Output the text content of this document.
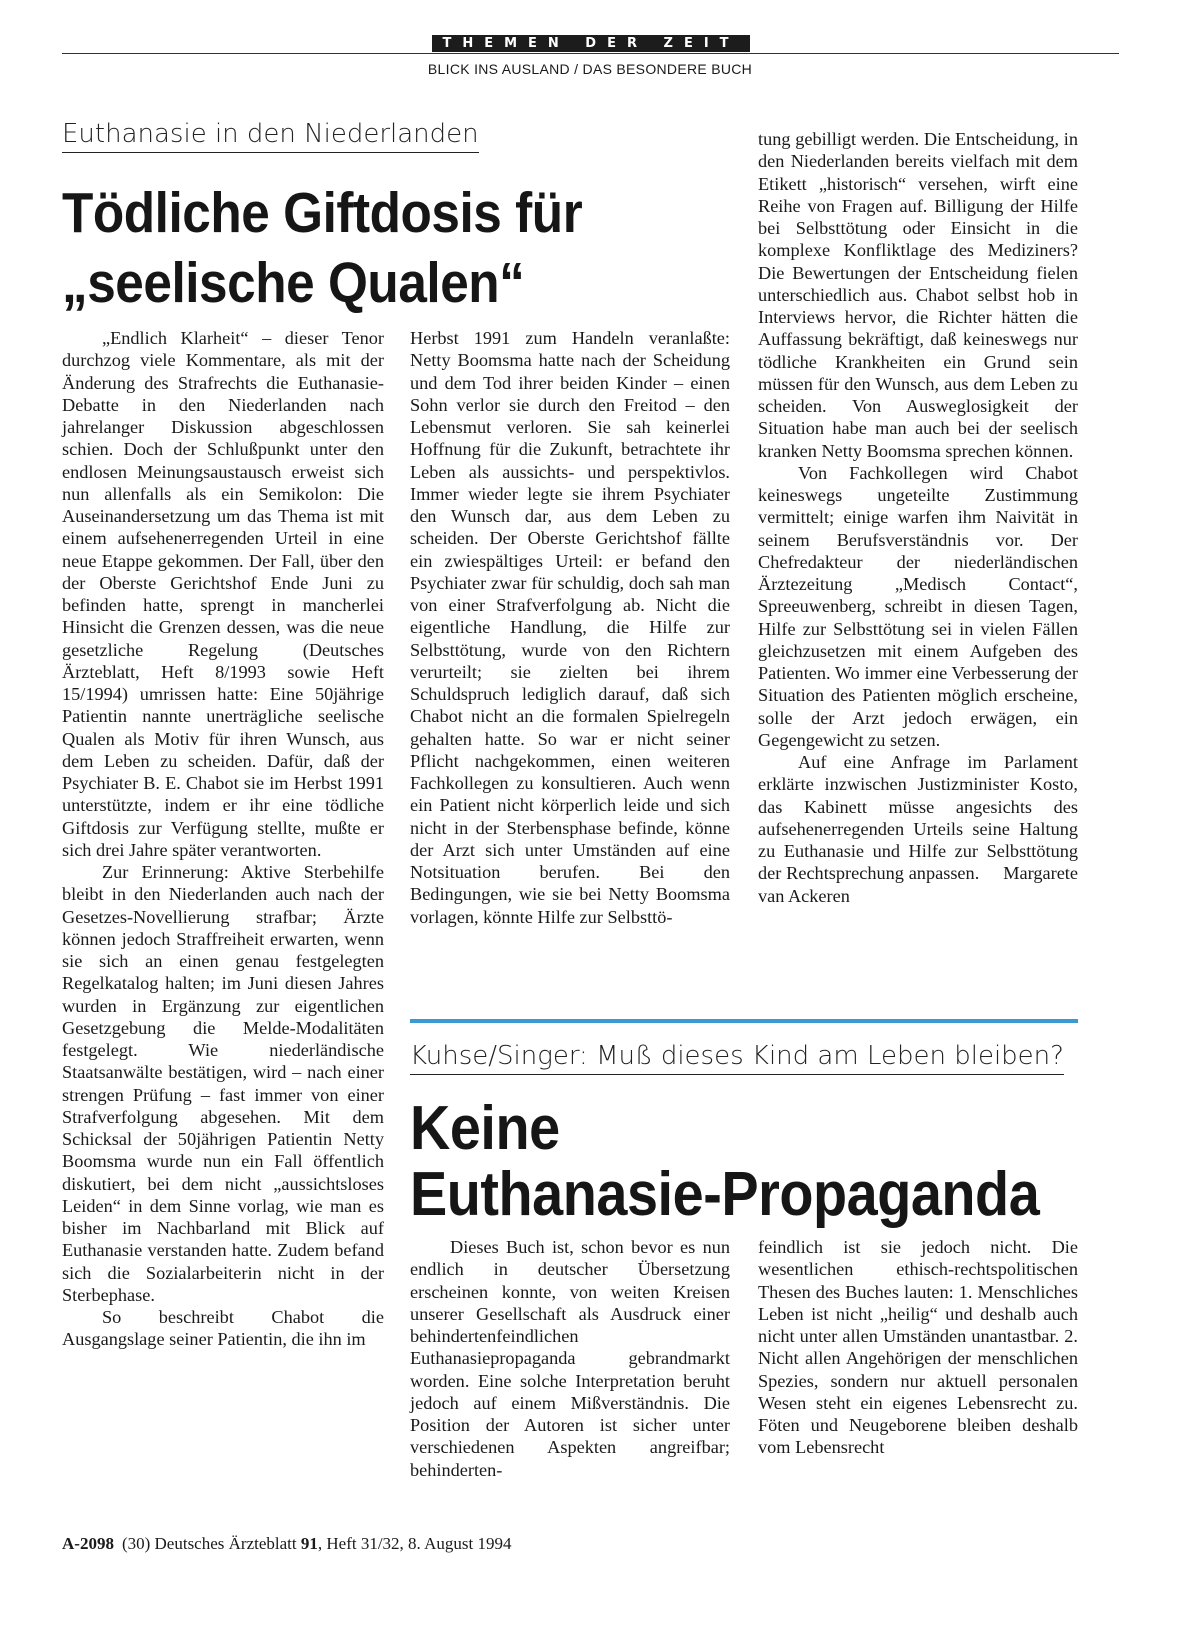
THEMEN DER ZEIT
BLICK INS AUSLAND / DAS BESONDERE BUCH
Euthanasie in den Niederlanden
Tödliche Giftdosis für
„seelische Qualen“

„Endlich Klarheit“ – dieser Tenor durchzog viele Kommentare, als mit der Änderung des Strafrechts die Euthanasie-Debatte in den Niederlanden nach jahrelanger Diskussion abgeschlossen schien. Doch der Schlußpunkt unter den endlosen Meinungsaustausch erweist sich nun allenfalls als ein Semikolon: Die Auseinandersetzung um das Thema ist mit einem aufsehenerregenden Urteil in eine neue Etappe gekommen. Der Fall, über den der Oberste Gerichtshof Ende Juni zu befinden hatte, sprengt in mancherlei Hinsicht die Grenzen dessen, was die neue gesetzliche Regelung (Deutsches Ärzteblatt, Heft 8/1993 sowie Heft 15/1994) umrissen hatte: Eine 50jährige Patientin nannte unerträgliche seelische Qualen als Motiv für ihren Wunsch, aus dem Leben zu scheiden. Dafür, daß der Psychiater B. E. Chabot sie im Herbst 1991 unterstützte, indem er ihr eine tödliche Giftdosis zur Verfügung stellte, mußte er sich drei Jahre später verantworten.

Zur Erinnerung: Aktive Sterbehilfe bleibt in den Niederlanden auch nach der Gesetzes-Novellierung strafbar; Ärzte können jedoch Straffreiheit erwarten, wenn sie sich an einen genau festgelegten Regelkatalog halten; im Juni diesen Jahres wurden in Ergänzung zur eigentlichen Gesetzgebung die Melde-Modalitäten festgelegt. Wie niederländische Staatsanwälte bestätigen, wird – nach einer strengen Prüfung – fast immer von einer Strafverfolgung abgesehen. Mit dem Schicksal der 50jährigen Patientin Netty Boomsma wurde nun ein Fall öffentlich diskutiert, bei dem nicht „aussichtsloses Leiden“ in dem Sinne vorlag, wie man es bisher im Nachbarland mit Blick auf Euthanasie verstanden hatte. Zudem befand sich die Sozialarbeiterin nicht in der Sterbephase.

So beschreibt Chabot die Ausgangslage seiner Patientin, die ihn im

Herbst 1991 zum Handeln veranlaßte: Netty Boomsma hatte nach der Scheidung und dem Tod ihrer beiden Kinder – einen Sohn verlor sie durch den Freitod – den Lebensmut verloren. Sie sah keinerlei Hoffnung für die Zukunft, betrachtete ihr Leben als aussichts- und perspektivlos. Immer wieder legte sie ihrem Psychiater den Wunsch dar, aus dem Leben zu scheiden. Der Oberste Gerichtshof fällte ein zwiespältiges Urteil: er befand den Psychiater zwar für schuldig, doch sah man von einer Strafverfolgung ab. Nicht die eigentliche Handlung, die Hilfe zur Selbsttötung, wurde von den Richtern verurteilt; sie zielten bei ihrem Schuldspruch lediglich darauf, daß sich Chabot nicht an die formalen Spielregeln gehalten hatte. So war er nicht seiner Pflicht nachgekommen, einen weiteren Fachkollegen zu konsultieren. Auch wenn ein Patient nicht körperlich leide und sich nicht in der Sterbensphase befinde, könne der Arzt sich unter Umständen auf eine Notsituation berufen. Bei den Bedingungen, wie sie bei Netty Boomsma vorlagen, könnte Hilfe zur Selbsttö-

tung gebilligt werden. Die Entscheidung, in den Niederlanden bereits vielfach mit dem Etikett „historisch“ versehen, wirft eine Reihe von Fragen auf. Billigung der Hilfe bei Selbsttötung oder Einsicht in die komplexe Konfliktlage des Mediziners? Die Bewertungen der Entscheidung fielen unterschiedlich aus. Chabot selbst hob in Interviews hervor, die Richter hätten die Auffassung bekräftigt, daß keineswegs nur tödliche Krankheiten ein Grund sein müssen für den Wunsch, aus dem Leben zu scheiden. Von Ausweglosigkeit der Situation habe man auch bei der seelisch kranken Netty Boomsma sprechen können.

Von Fachkollegen wird Chabot keineswegs ungeteilte Zustimmung vermittelt; einige warfen ihm Naivität in seinem Berufsverständnis vor. Der Chefredakteur der niederländischen Ärztezeitung „Medisch Contact“, Spreeuwenberg, schreibt in diesen Tagen, Hilfe zur Selbsttötung sei in vielen Fällen gleichzusetzen mit einem Aufgeben des Patienten. Wo immer eine Verbesserung der Situation des Patienten möglich erscheine, solle der Arzt jedoch erwägen, ein Gegengewicht zu setzen.

Auf eine Anfrage im Parlament erklärte inzwischen Justizminister Kosto, das Kabinett müsse angesichts des aufsehenerregenden Urteils seine Haltung zu Euthanasie und Hilfe zur Selbsttötung der Rechtsprechung anpassen. Margarete van Ackeren

Kuhse/Singer: Muß dieses Kind am Leben bleiben?
Keine
Euthanasie-Propaganda

Dieses Buch ist, schon bevor es nun endlich in deutscher Übersetzung erscheinen konnte, von weiten Kreisen unserer Gesellschaft als Ausdruck einer behindertenfeindlichen Euthanasiepropaganda gebrandmarkt worden. Eine solche Interpretation beruht jedoch auf einem Mißverständnis. Die Position der Autoren ist sicher unter verschiedenen Aspekten angreifbar; behinderten-

feindlich ist sie jedoch nicht. Die wesentlichen ethisch-rechtspolitischen Thesen des Buches lauten: 1. Menschliches Leben ist nicht „heilig“ und deshalb auch nicht unter allen Umständen unantastbar. 2. Nicht allen Angehörigen der menschlichen Spezies, sondern nur aktuell personalen Wesen steht ein eigenes Lebensrecht zu. Föten und Neugeborene bleiben deshalb vom Lebensrecht

A-2098 (30) Deutsches Ärzteblatt 91, Heft 31/32, 8. August 1994
